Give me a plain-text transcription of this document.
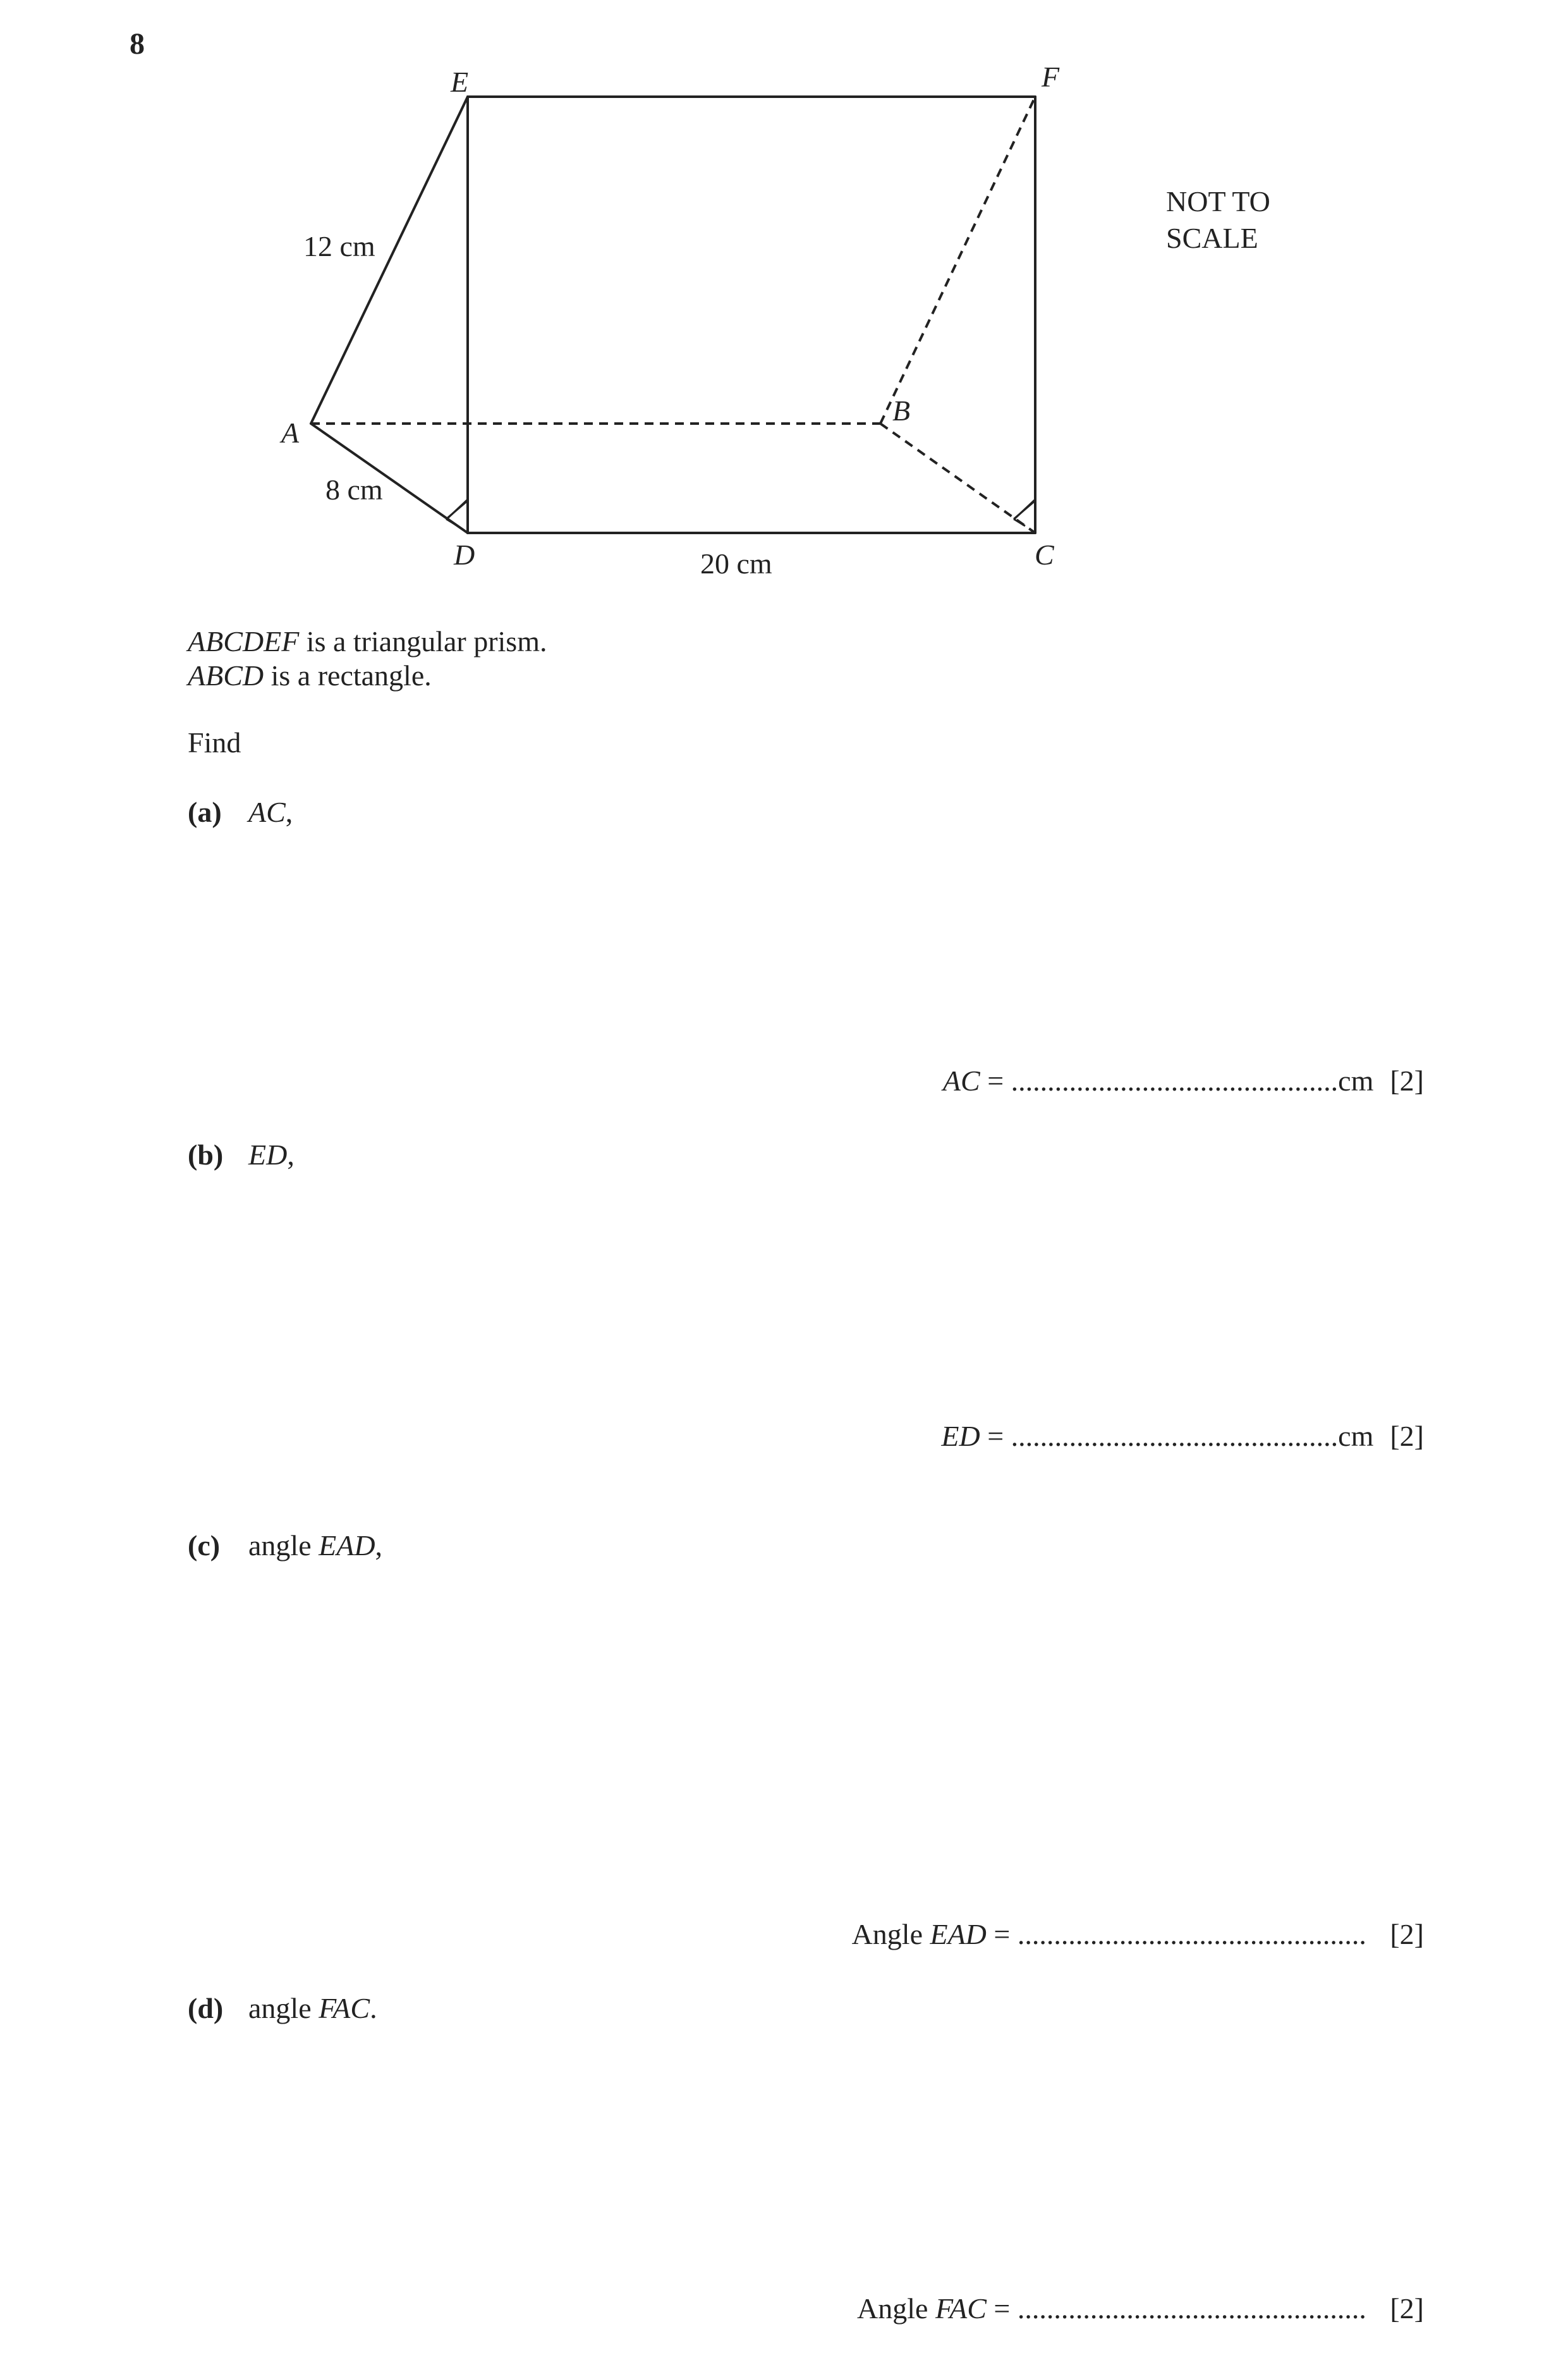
8
E	F
A
B
D	C
12 cm
8 cm
20 cm
NOT TO
SCALE
ABCDEF is a triangular prism.
ABCD is a rectangle.
Find
(a) AC,
AC = .............................................cm [2]
(b) ED,
ED = .............................................cm [2]
(c) angle EAD,
Angle EAD = ................................................ [2]
(d) angle FAC.
Angle FAC = ................................................ [2]
